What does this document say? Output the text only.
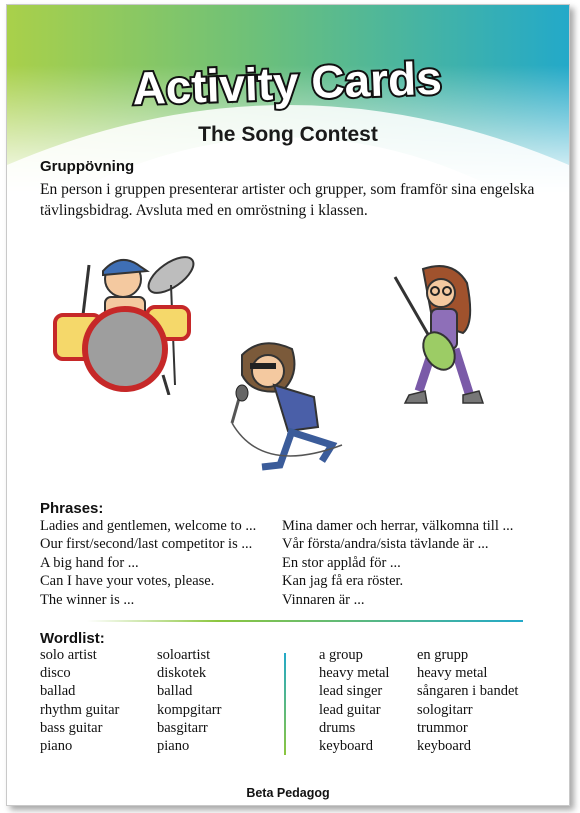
Activity Cards
The Song Contest
Gruppövning
En person i gruppen presenterar artister och grupper, som framför sina engelska tävlingsbidrag. Avsluta med en omröstning i klassen.
Phrases:
Ladies and gentlemen, welcome to ...
Our first/second/last competitor is ...
A big hand for ...
Can I have your votes, please.
The winner is ...
Mina damer och herrar, välkomna till ...
Vår första/andra/sista tävlande är ...
En stor applåd för ...
Kan jag få era röster.
Vinnaren är ...
Wordlist:
solo artist
disco
ballad
rhythm guitar
bass guitar
piano
soloartist
diskotek
ballad
kompgitarr
basgitarr
piano
a group
heavy metal
lead singer
lead guitar
drums
keyboard
en grupp
heavy metal
sångaren i bandet
sologitarr
trummor
keyboard
Beta Pedagog
